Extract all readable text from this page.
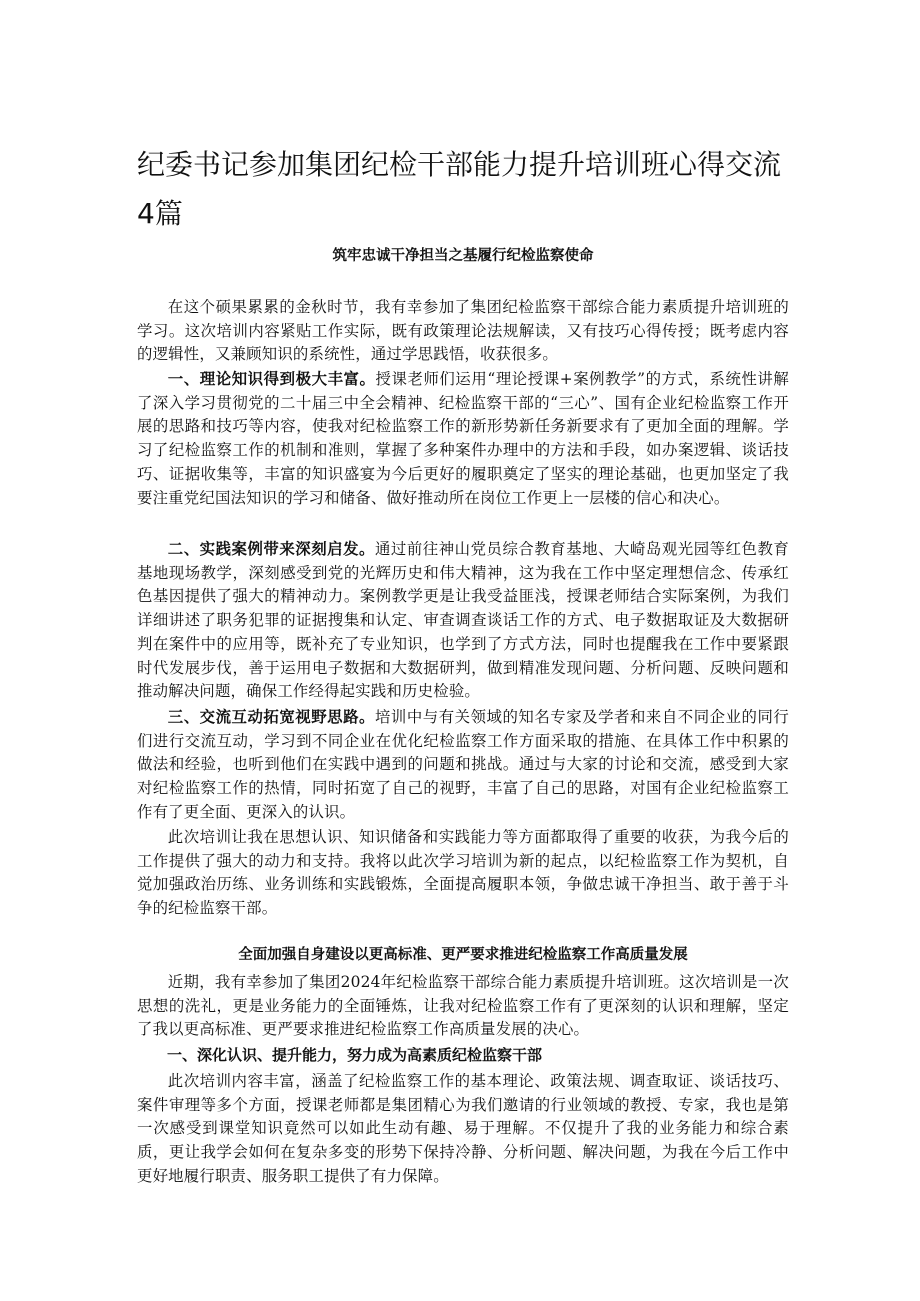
纪委书记参加集团纪检干部能力提升培训班心得交流4篇
筑牢忠诚干净担当之基履行纪检监察使命

在这个硕果累累的金秋时节，我有幸参加了集团纪检监察干部综合能力素质提升培训班的学习。这次培训内容紧贴工作实际，既有政策理论法规解读，又有技巧心得传授；既考虑内容的逻辑性，又兼顾知识的系统性，通过学思践悟，收获很多。

一、理论知识得到极大丰富。授课老师们运用“理论授课+案例教学”的方式，系统性讲解了深入学习贯彻党的二十届三中全会精神、纪检监察干部的“三心”、国有企业纪检监察工作开展的思路和技巧等内容，使我对纪检监察工作的新形势新任务新要求有了更加全面的理解。学习了纪检监察工作的机制和准则，掌握了多种案件办理中的方法和手段，如办案逻辑、谈话技巧、证据收集等，丰富的知识盛宴为今后更好的履职奠定了坚实的理论基础，也更加坚定了我要注重党纪国法知识的学习和储备、做好推动所在岗位工作更上一层楼的信心和决心。

二、实践案例带来深刻启发。通过前往神山党员综合教育基地、大崎岛观光园等红色教育基地现场教学，深刻感受到党的光辉历史和伟大精神，这为我在工作中坚定理想信念、传承红色基因提供了强大的精神动力。案例教学更是让我受益匪浅，授课老师结合实际案例，为我们详细讲述了职务犯罪的证据搜集和认定、审查调查谈话工作的方式、电子数据取证及大数据研判在案件中的应用等，既补充了专业知识，也学到了方式方法，同时也提醒我在工作中要紧跟时代发展步伐，善于运用电子数据和大数据研判，做到精准发现问题、分析问题、反映问题和推动解决问题，确保工作经得起实践和历史检验。

三、交流互动拓宽视野思路。培训中与有关领域的知名专家及学者和来自不同企业的同行们进行交流互动，学习到不同企业在优化纪检监察工作方面采取的措施、在具体工作中积累的做法和经验，也听到他们在实践中遇到的问题和挑战。通过与大家的讨论和交流，感受到大家对纪检监察工作的热情，同时拓宽了自己的视野，丰富了自己的思路，对国有企业纪检监察工作有了更全面、更深入的认识。

此次培训让我在思想认识、知识储备和实践能力等方面都取得了重要的收获，为我今后的工作提供了强大的动力和支持。我将以此次学习培训为新的起点，以纪检监察工作为契机，自觉加强政治历练、业务训练和实践锻炼，全面提高履职本领，争做忠诚干净担当、敢于善于斗争的纪检监察干部。

全面加强自身建设以更高标准、更严要求推进纪检监察工作高质量发展

近期，我有幸参加了集团2024年纪检监察干部综合能力素质提升培训班。这次培训是一次思想的洗礼，更是业务能力的全面锤炼，让我对纪检监察工作有了更深刻的认识和理解，坚定了我以更高标准、更严要求推进纪检监察工作高质量发展的决心。

一、深化认识、提升能力，努力成为高素质纪检监察干部

此次培训内容丰富，涵盖了纪检监察工作的基本理论、政策法规、调查取证、谈话技巧、案件审理等多个方面，授课老师都是集团精心为我们邀请的行业领域的教授、专家，我也是第一次感受到课堂知识竟然可以如此生动有趣、易于理解。不仅提升了我的业务能力和综合素质，更让我学会如何在复杂多变的形势下保持冷静、分析问题、解决问题，为我在今后工作中更好地履行职责、服务职工提供了有力保障。
